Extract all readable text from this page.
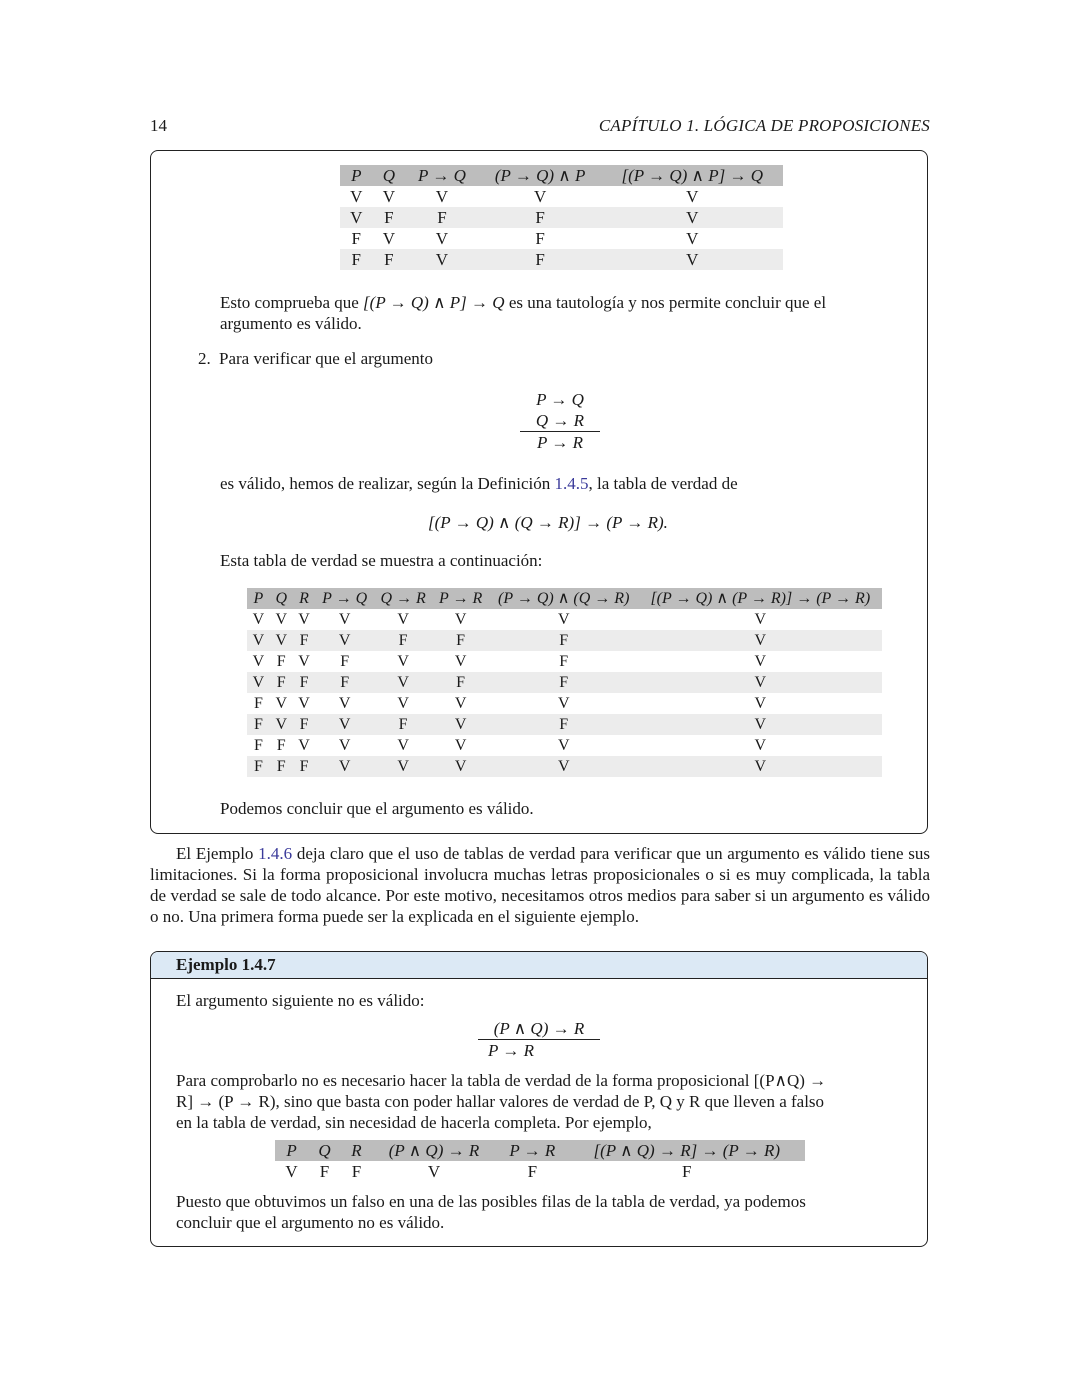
14	CAPÍTULO 1. LÓGICA DE PROPOSICIONES
P	Q	P → Q	(P → Q) ∧ P	[(P → Q) ∧ P] → Q
V	V	V	V	V
V	F	F	F	V
F	V	V	F	V
F	F	V	F	V
Esto comprueba que [(P → Q) ∧ P] → Q es una tautología y nos permite concluir que el
argumento es válido.
2. Para verificar que el argumento
P → Q
Q → R
P → R
es válido, hemos de realizar, según la Definición 1.4.5, la tabla de verdad de
[(P → Q) ∧ (Q → R)] → (P → R).
Esta tabla de verdad se muestra a continuación:
P	Q	R	P → Q	Q → R	P → R	(P → Q) ∧ (Q → R)	[(P → Q) ∧ (P → R)] → (P → R)
V	V	V	V	V	V	V	V
V	V	F	V	F	F	F	V
V	F	V	F	V	V	F	V
V	F	F	F	V	F	F	V
F	V	V	V	V	V	V	V
F	V	F	V	F	V	F	V
F	F	V	V	V	V	V	V
F	F	F	V	V	V	V	V
Podemos concluir que el argumento es válido.
El Ejemplo 1.4.6 deja claro que el uso de tablas de verdad para verificar que un argumento es válido tiene sus limitaciones. Si la forma proposicional involucra muchas letras proposicionales o si es muy complicada, la tabla de verdad se sale de todo alcance. Por este motivo, necesitamos otros medios para saber si un argumento es válido o no. Una primera forma puede ser la explicada en el siguiente ejemplo.
Ejemplo 1.4.7
El argumento siguiente no es válido:
$\frac{(P \wedge Q) \to R}{P \to R}$
Para comprobarlo no es necesario hacer la tabla de verdad de la forma proposicional [(P∧Q) →
R] → (P → R), sino que basta con poder hallar valores de verdad de P, Q y R que lleven a falso
en la tabla de verdad, sin necesidad de hacerla completa. Por ejemplo,
P	Q	R	(P ∧ Q) → R	P → R	[(P ∧ Q) → R] → (P → R)
V	F	F	V	F	F
Puesto que obtuvimos un falso en una de las posibles filas de la tabla de verdad, ya podemos
concluir que el argumento no es válido.
